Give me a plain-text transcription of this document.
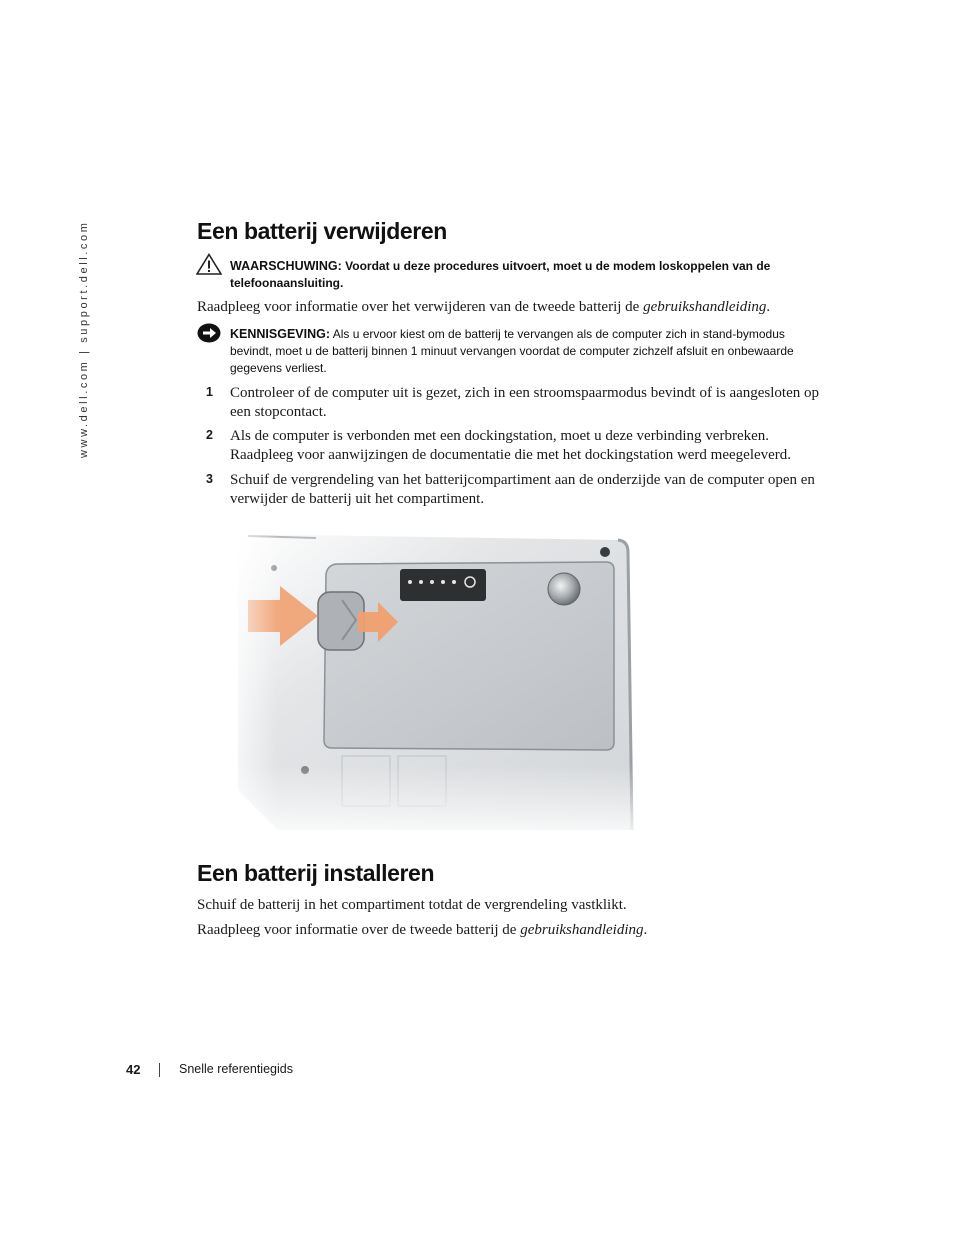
www.dell.com | support.dell.com	Een batterij verwijderen
WAARSCHUWING: Voordat u deze procedures uitvoert, moet u de modem loskoppelen van de telefoonaansluiting.

Raadpleeg voor informatie over het verwijderen van de tweede batterij de gebruikshandleiding.

KENNISGEVING: Als u ervoor kiest om de batterij te vervangen als de computer zich in stand-bymodus bevindt, moet u de batterij binnen 1 minuut vervangen voordat de computer zichzelf afsluit en onbewaarde gegevens verliest.
1 Controleer of de computer uit is gezet, zich in een stroomspaarmodus bevindt of is aangesloten op een stopcontact.
2 Als de computer is verbonden met een dockingstation, moet u deze verbinding verbreken. Raadpleeg voor aanwijzingen de documentatie die met het dockingstation werd meegeleverd.
3 Schuif de vergrendeling van het batterijcompartiment aan de onderzijde van de computer open en verwijder de batterij uit het compartiment.
Een batterij installeren

Schuif de batterij in het compartiment totdat de vergrendeling vastklikt.

Raadpleeg voor informatie over de tweede batterij de gebruikshandleiding.

42	Snelle referentiegids
